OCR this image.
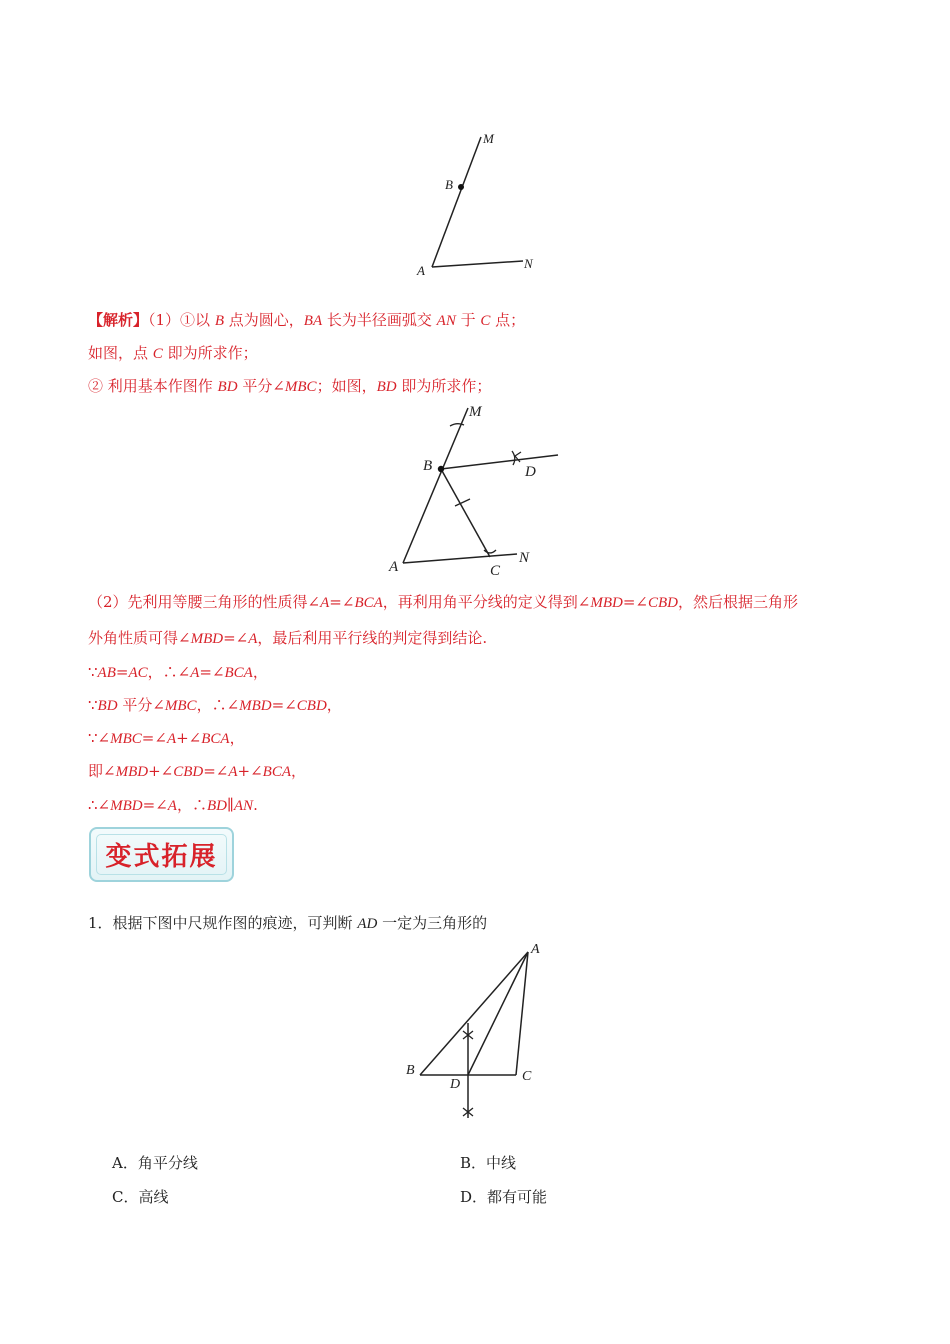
M
B
A	N
【解析】（1）①以 B 点为圆心，BA 长为半径画弧交 AN 于 C 点；
如图，点 C 即为所求作；
② 利用基本作图作 BD 平分∠MBC；如图，BD 即为所求作；
M
B	D
A	C
N
（2）先利用等腰三角形的性质得∠A=∠BCA，再利用角平分线的定义得到∠MBD=∠CBD，然后根据三角形
外角性质可得∠MBD=∠A，最后利用平行线的判定得到结论.
∵AB=AC，∴∠A=∠BCA，
∵BD 平分∠MBC，∴∠MBD=∠CBD，
∵∠MBC=∠A+∠BCA，
即∠MBD+∠CBD=∠A+∠BCA，
∴∠MBD=∠A，∴BD∥AN.
变式拓展
1．根据下图中尺规作图的痕迹，可判断 AD 一定为三角形的
A
B
D
C
A．角平分线	B．中线
C．高线	D．都有可能
